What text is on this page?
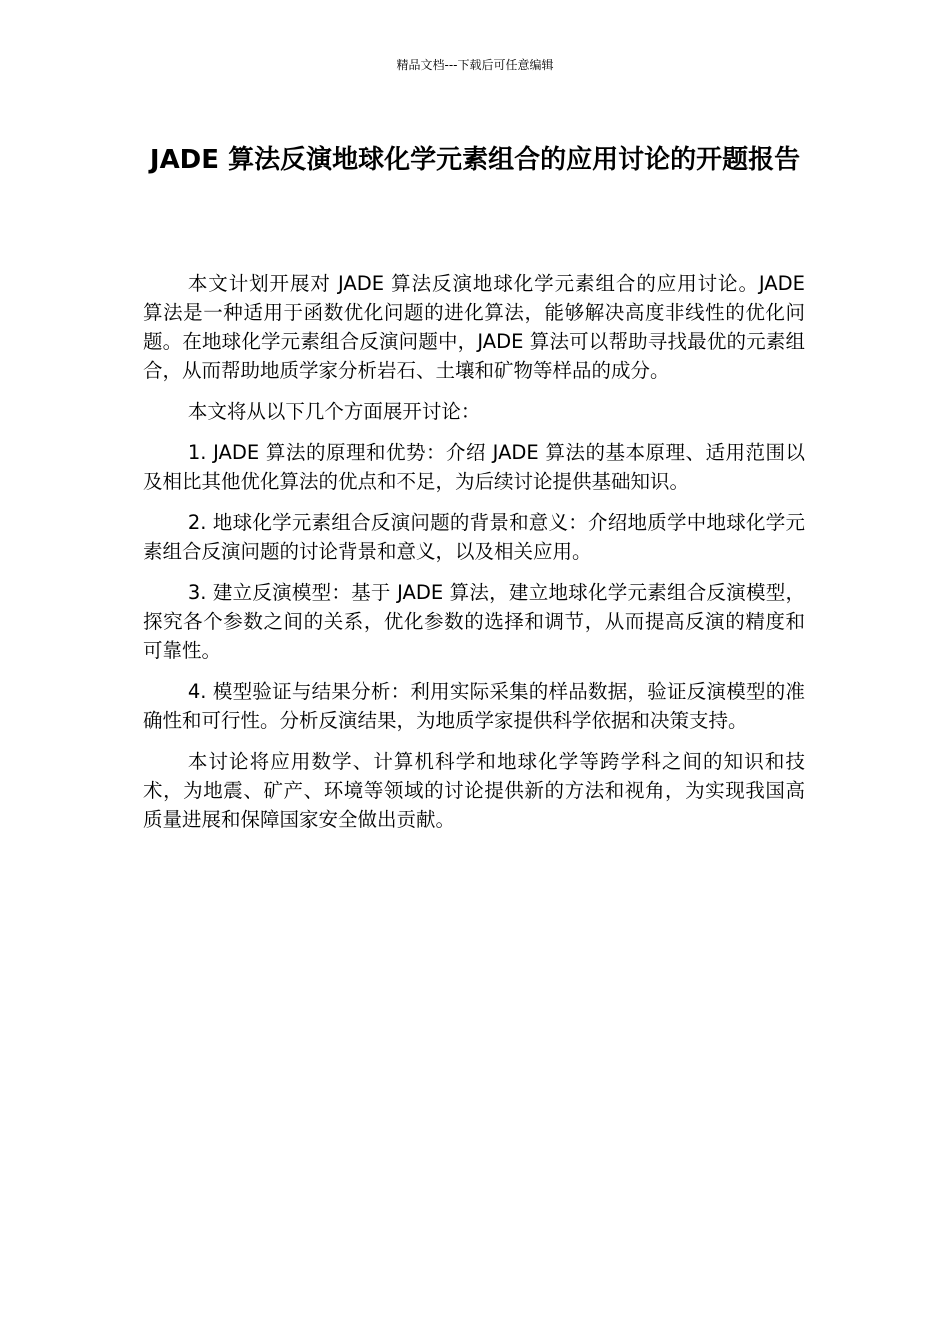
精品文档---下载后可任意编辑
JADE 算法反演地球化学元素组合的应用讨论的开题报告

本文计划开展对 JADE 算法反演地球化学元素组合的应用讨论。JADE 算法是一种适用于函数优化问题的进化算法，能够解决高度非线性的优化问题。在地球化学元素组合反演问题中，JADE 算法可以帮助寻找最优的元素组合，从而帮助地质学家分析岩石、土壤和矿物等样品的成分。

本文将从以下几个方面展开讨论：

1. JADE 算法的原理和优势：介绍 JADE 算法的基本原理、适用范围以及相比其他优化算法的优点和不足，为后续讨论提供基础知识。

2. 地球化学元素组合反演问题的背景和意义：介绍地质学中地球化学元素组合反演问题的讨论背景和意义，以及相关应用。

3. 建立反演模型：基于 JADE 算法，建立地球化学元素组合反演模型，探究各个参数之间的关系，优化参数的选择和调节，从而提高反演的精度和可靠性。

4. 模型验证与结果分析：利用实际采集的样品数据，验证反演模型的准确性和可行性。分析反演结果，为地质学家提供科学依据和决策支持。

本讨论将应用数学、计算机科学和地球化学等跨学科之间的知识和技术，为地震、矿产、环境等领域的讨论提供新的方法和视角，为实现我国高质量进展和保障国家安全做出贡献。
